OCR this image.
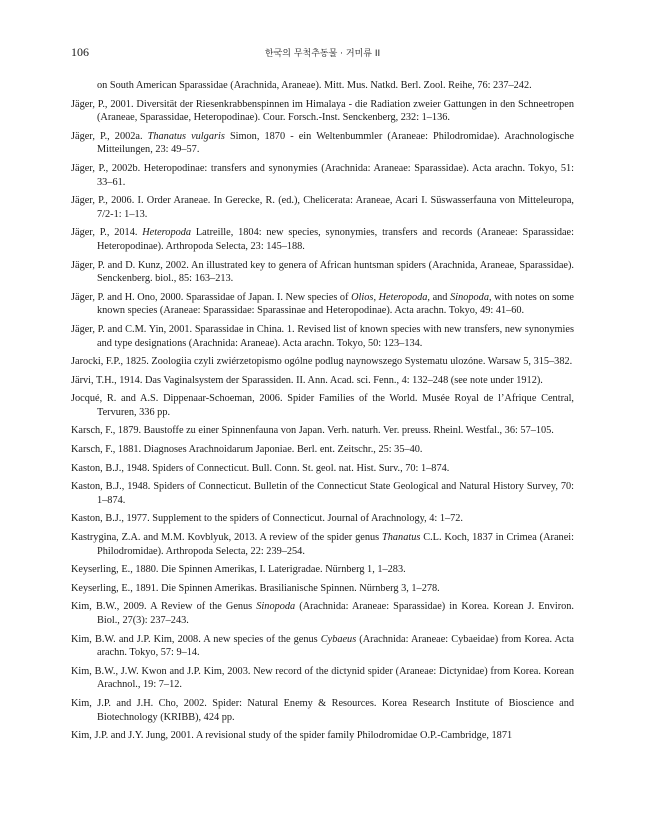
106	한국의 무척추동물 · 거미류 II
on South American Sparassidae (Arachnida, Araneae). Mitt. Mus. Natkd. Berl. Zool. Reihe, 76: 237–242.
Jäger, P., 2001. Diversität der Riesenkrabbenspinnen im Himalaya - die Radiation zweier Gattungen in den Schneetropen (Araneae, Sparassidae, Heteropodinae). Cour. Forsch.-Inst. Senckenberg, 232: 1–136.
Jäger, P., 2002a. Thanatus vulgaris Simon, 1870 - ein Weltenbummler (Araneae: Philodromidae). Arachnologische Mitteilungen, 23: 49–57.
Jäger, P., 2002b. Heteropodinae: transfers and synonymies (Arachnida: Araneae: Sparassidae). Acta arachn. Tokyo, 51: 33–61.
Jäger, P., 2006. I. Order Araneae. In Gerecke, R. (ed.), Chelicerata: Araneae, Acari I. Süswasserfauna von Mitteleuropa, 7/2-1: 1–13.
Jäger, P., 2014. Heteropoda Latreille, 1804: new species, synonymies, transfers and records (Araneae: Sparassidae: Heteropodinae). Arthropoda Selecta, 23: 145–188.
Jäger, P. and D. Kunz, 2002. An illustrated key to genera of African huntsman spiders (Arachnida, Araneae, Sparassidae). Senckenberg. biol., 85: 163–213.
Jäger, P. and H. Ono, 2000. Sparassidae of Japan. I. New species of Olios, Heteropoda, and Sinopoda, with notes on some known species (Araneae: Sparassidae: Sparassinae and Heteropodinae). Acta arachn. Tokyo, 49: 41–60.
Jäger, P. and C.M. Yin, 2001. Sparassidae in China. 1. Revised list of known species with new transfers, new synonymies and type designations (Arachnida: Araneae). Acta arachn. Tokyo, 50: 123–134.
Jarocki, F.P., 1825. Zoologiia czyli zwiérzetopismo ogólne podlug naynowszego Systematu ulozóne. Warsaw 5, 315–382.
Järvi, T.H., 1914. Das Vaginalsystem der Sparassiden. II. Ann. Acad. sci. Fenn., 4: 132–248 (see note under 1912).
Jocqué, R. and A.S. Dippenaar-Schoeman, 2006. Spider Families of the World. Musée Royal de l’Afrique Central, Tervuren, 336 pp.
Karsch, F., 1879. Baustoffe zu einer Spinnenfauna von Japan. Verh. naturh. Ver. preuss. Rheinl. Westfal., 36: 57–105.
Karsch, F., 1881. Diagnoses Arachnoidarum Japoniae. Berl. ent. Zeitschr., 25: 35–40.
Kaston, B.J., 1948. Spiders of Connecticut. Bull. Conn. St. geol. nat. Hist. Surv., 70: 1–874.
Kaston, B.J., 1948. Spiders of Connecticut. Bulletin of the Connecticut State Geological and Natural History Survey, 70: 1–874.
Kaston, B.J., 1977. Supplement to the spiders of Connecticut. Journal of Arachnology, 4: 1–72.
Kastrygina, Z.A. and M.M. Kovblyuk, 2013. A review of the spider genus Thanatus C.L. Koch, 1837 in Crimea (Aranei: Philodromidae). Arthropoda Selecta, 22: 239–254.
Keyserling, E., 1880. Die Spinnen Amerikas, I. Laterigradae. Nürnberg 1, 1–283.
Keyserling, E., 1891. Die Spinnen Amerikas. Brasilianische Spinnen. Nürnberg 3, 1–278.
Kim, B.W., 2009. A Review of the Genus Sinopoda (Arachnida: Araneae: Sparassidae) in Korea. Korean J. Environ. Biol., 27(3): 237–243.
Kim, B.W. and J.P. Kim, 2008. A new species of the genus Cybaeus (Arachnida: Araneae: Cybaeidae) from Korea. Acta arachn. Tokyo, 57: 9–14.
Kim, B.W., J.W. Kwon and J.P. Kim, 2003. New record of the dictynid spider (Araneae: Dictynidae) from Korea. Korean Arachnol., 19: 7–12.
Kim, J.P. and J.H. Cho, 2002. Spider: Natural Enemy & Resources. Korea Research Institute of Bioscience and Biotechnology (KRIBB), 424 pp.
Kim, J.P. and J.Y. Jung, 2001. A revisional study of the spider family Philodromidae O.P.-Cambridge, 1871
